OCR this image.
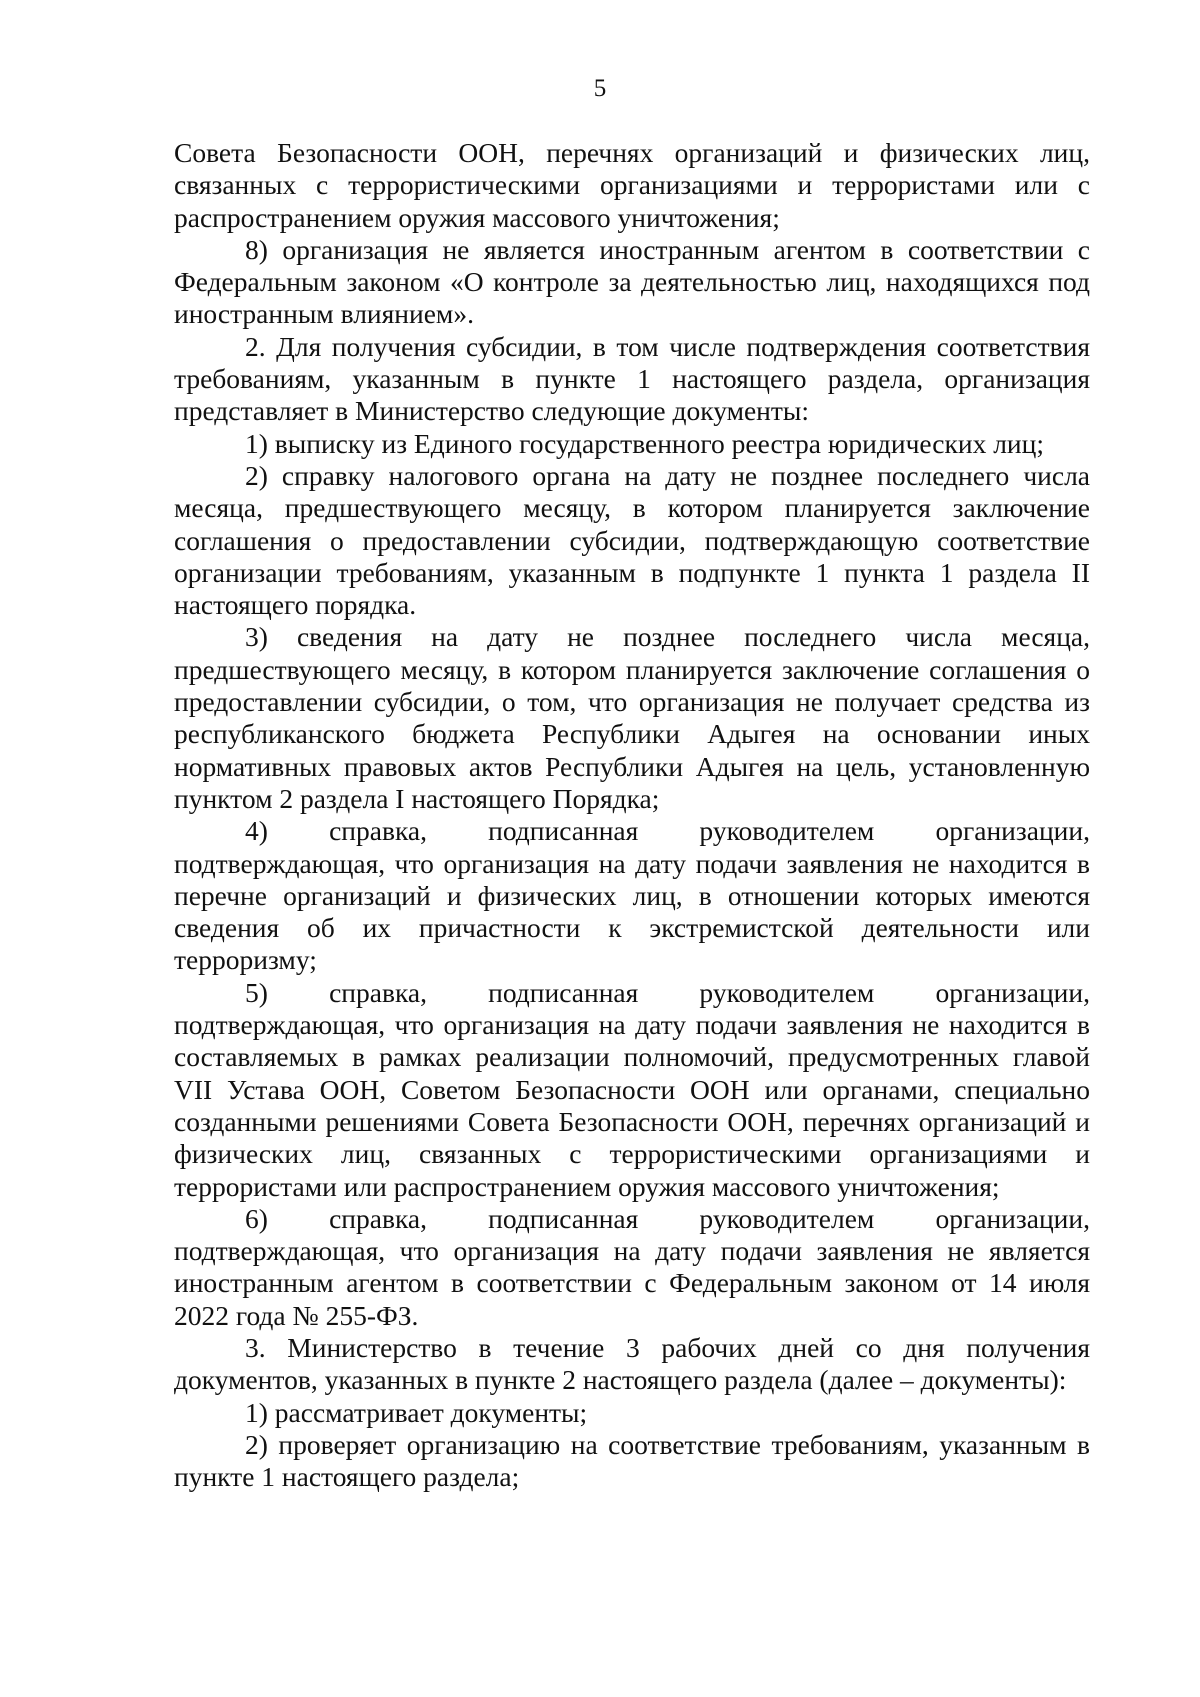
5

Совета Безопасности ООН, перечнях организаций и физических лиц, связанных с террористическими организациями и террористами или с распространением оружия массового уничтожения;

8) организация не является иностранным агентом в соответствии с Федеральным законом «О контроле за деятельностью лиц, находящихся под иностранным влиянием».

2. Для получения субсидии, в том числе подтверждения соответствия требованиям, указанным в пункте 1 настоящего раздела, организация представляет в Министерство следующие документы:

1) выписку из Единого государственного реестра юридических лиц;

2) справку налогового органа на дату не позднее последнего числа месяца, предшествующего месяцу, в котором планируется заключение соглашения о предоставлении субсидии, подтверждающую соответствие организации требованиям, указанным в подпункте 1 пункта 1 раздела II настоящего порядка.

3) сведения на дату не позднее последнего числа месяца, предшествующего месяцу, в котором планируется заключение соглашения о предоставлении субсидии, о том, что организация не получает средства из республиканского бюджета Республики Адыгея на основании иных нормативных правовых актов Республики Адыгея на цель, установленную пунктом 2 раздела I настоящего Порядка;

4) справка, подписанная руководителем организации, подтверждающая, что организация на дату подачи заявления не находится в перечне организаций и физических лиц, в отношении которых имеются сведения об их причастности к экстремистской деятельности или терроризму;

5) справка, подписанная руководителем организации, подтверждающая, что организация на дату подачи заявления не находится в составляемых в рамках реализации полномочий, предусмотренных главой VII Устава ООН, Советом Безопасности ООН или органами, специально созданными решениями Совета Безопасности ООН, перечнях организаций и физических лиц, связанных с террористическими организациями и террористами или распространением оружия массового уничтожения;

6) справка, подписанная руководителем организации, подтверждающая, что организация на дату подачи заявления не является иностранным агентом в соответствии с Федеральным законом от 14 июля 2022 года № 255-ФЗ.

3. Министерство в течение 3 рабочих дней со дня получения документов, указанных в пункте 2 настоящего раздела (далее – документы):

1) рассматривает документы;

2) проверяет организацию на соответствие требованиям, указанным в пункте 1 настоящего раздела;
